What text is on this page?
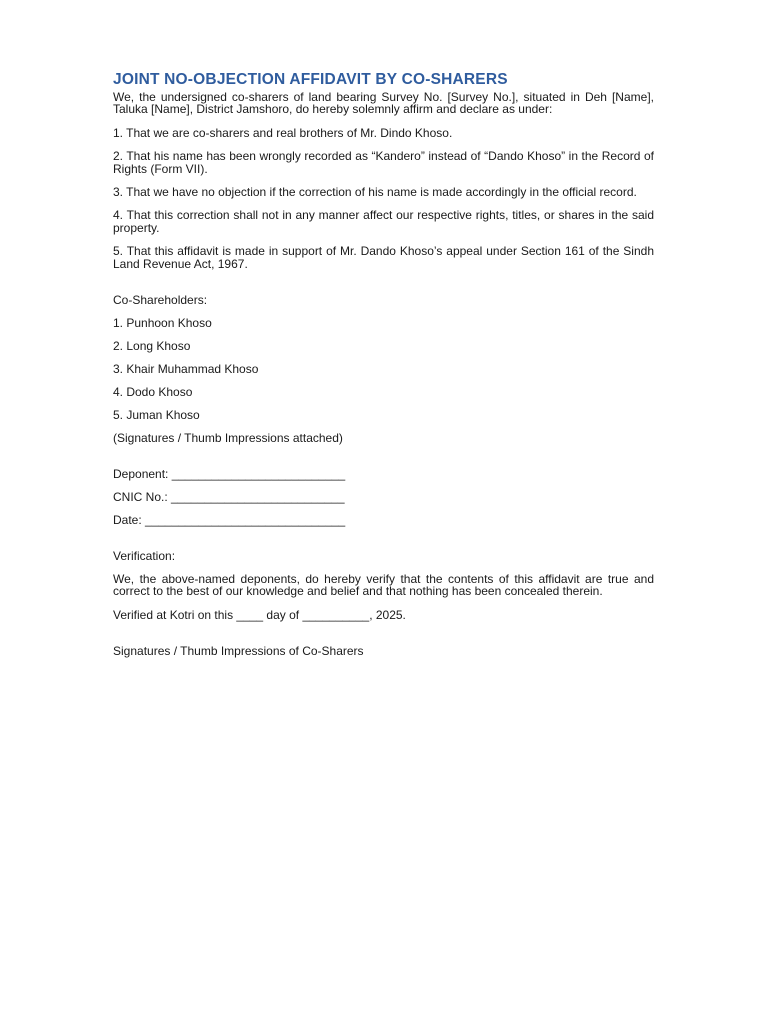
JOINT NO-OBJECTION AFFIDAVIT BY CO-SHARERS

We, the undersigned co-sharers of land bearing Survey No. [Survey No.], situated in Deh [Name], Taluka [Name], District Jamshoro, do hereby solemnly affirm and declare as under:

1. That we are co-sharers and real brothers of Mr. Dindo Khoso.

2. That his name has been wrongly recorded as “Kandero” instead of “Dando Khoso” in the Record of Rights (Form VII).

3. That we have no objection if the correction of his name is made accordingly in the official record.

4. That this correction shall not in any manner affect our respective rights, titles, or shares in the said property.

5. That this affidavit is made in support of Mr. Dando Khoso’s appeal under Section 161 of the Sindh Land Revenue Act, 1967.

Co-Shareholders:

1. Punhoon Khoso

2. Long Khoso

3. Khair Muhammad Khoso

4. Dodo Khoso

5. Juman Khoso

(Signatures / Thumb Impressions attached)

Deponent: __________________________

CNIC No.: __________________________

Date: ______________________________

Verification:

We, the above-named deponents, do hereby verify that the contents of this affidavit are true and correct to the best of our knowledge and belief and that nothing has been concealed therein.

Verified at Kotri on this ____ day of __________, 2025.

Signatures / Thumb Impressions of Co-Sharers
